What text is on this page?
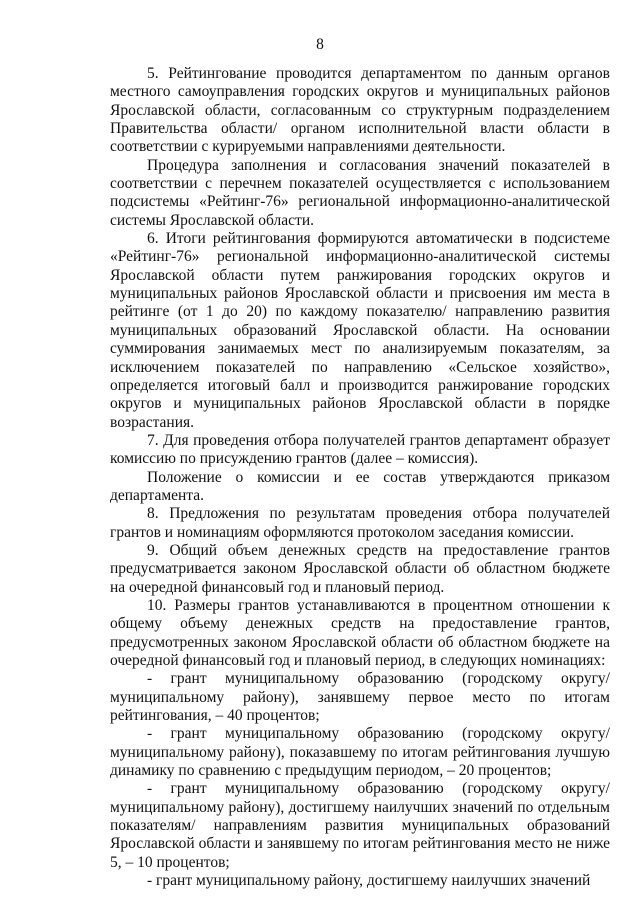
8

5. Рейтингование проводится департаментом по данным органов местного самоуправления городских округов и муниципальных районов Ярославской области, согласованным со структурным подразделением Правительства области/ органом исполнительной власти области в соответствии с курируемыми направлениями деятельности.

Процедура заполнения и согласования значений показателей в соответствии с перечнем показателей осуществляется с использованием подсистемы «Рейтинг-76» региональной информационно-аналитической системы Ярославской области.

6. Итоги рейтингования формируются автоматически в подсистеме «Рейтинг-76» региональной информационно-аналитической системы Ярославской области путем ранжирования городских округов и муниципальных районов Ярославской области и присвоения им места в рейтинге (от 1 до 20) по каждому показателю/ направлению развития муниципальных образований Ярославской области. На основании суммирования занимаемых мест по анализируемым показателям, за исключением показателей по направлению «Сельское хозяйство», определяется итоговый балл и производится ранжирование городских округов и муниципальных районов Ярославской области в порядке возрастания.

7. Для проведения отбора получателей грантов департамент образует комиссию по присуждению грантов (далее – комиссия).

Положение о комиссии и ее состав утверждаются приказом департамента.

8. Предложения по результатам проведения отбора получателей грантов и номинациям оформляются протоколом заседания комиссии.

9. Общий объем денежных средств на предоставление грантов предусматривается законом Ярославской области об областном бюджете на очередной финансовый год и плановый период.

10. Размеры грантов устанавливаются в процентном отношении к общему объему денежных средств на предоставление грантов, предусмотренных законом Ярославской области об областном бюджете на очередной финансовый год и плановый период, в следующих номинациях:

- грант муниципальному образованию (городскому округу/ муниципальному району), занявшему первое место по итогам рейтингования, – 40 процентов;

- грант муниципальному образованию (городскому округу/ муниципальному району), показавшему по итогам рейтингования лучшую динамику по сравнению с предыдущим периодом, – 20 процентов;

- грант муниципальному образованию (городскому округу/ муниципальному району), достигшему наилучших значений по отдельным показателям/ направлениям развития муниципальных образований Ярославской области и занявшему по итогам рейтингования место не ниже 5, – 10 процентов;

- грант муниципальному району, достигшему наилучших значений
